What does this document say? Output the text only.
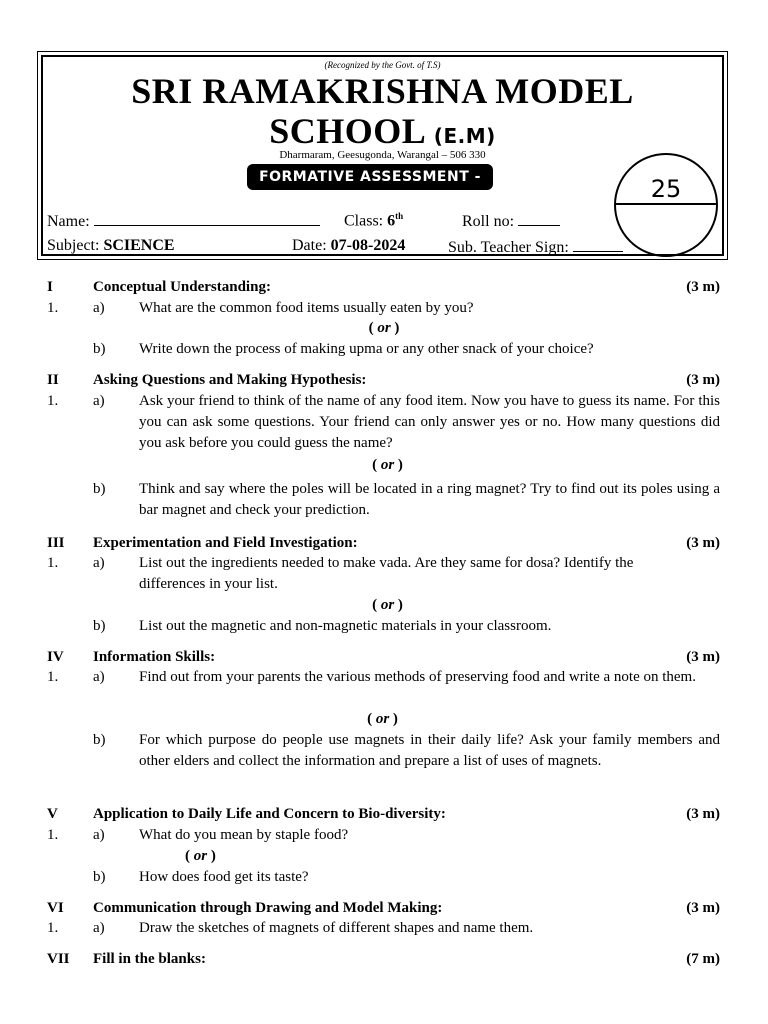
(Recognized by the Govt. of T.S)
SRI RAMAKRISHNA MODEL
SCHOOL (E.M)
Dharmaram, Geesugonda, Warangal – 506 330
FORMATIVE ASSESSMENT -	25
Name:	Class: 6th	Roll no:
Subject: SCIENCE	Date: 07-08-2024	Sub. Teacher Sign:
I	Conceptual Understanding:	(3 m)
1. a) What are the common food items usually eaten by you?
( or )
b) Write down the process of making upma or any other snack of your choice?
II Asking Questions and Making Hypothesis:	(3 m)
1. a) Ask your friend to think of the name of any food item. Now you have to guess its name. For this you can ask some questions. Your friend can only answer yes or no. How many questions did you ask before you could guess the name?
( or )
b) Think and say where the poles will be located in a ring magnet? Try to find out its poles using a bar magnet and check your prediction.
III Experimentation and Field Investigation:	(3 m)
1. a) List out the ingredients needed to make vada. Are they same for dosa? Identify the differences in your list.
( or )
b) List out the magnetic and non-magnetic materials in your classroom.
IV Information Skills:	(3 m)
1. a) Find out from your parents the various methods of preserving food and write a note on them.
( or )
b) For which purpose do people use magnets in their daily life? Ask your family members and other elders and collect the information and prepare a list of uses of magnets.
V Application to Daily Life and Concern to Bio-diversity:	(3 m)
1. a) What do you mean by staple food?
( or )
b) How does food get its taste?
VI Communication through Drawing and Model Making:	(3 m)
1. a) Draw the sketches of magnets of different shapes and name them.
VII Fill in the blanks:	(7 m)
